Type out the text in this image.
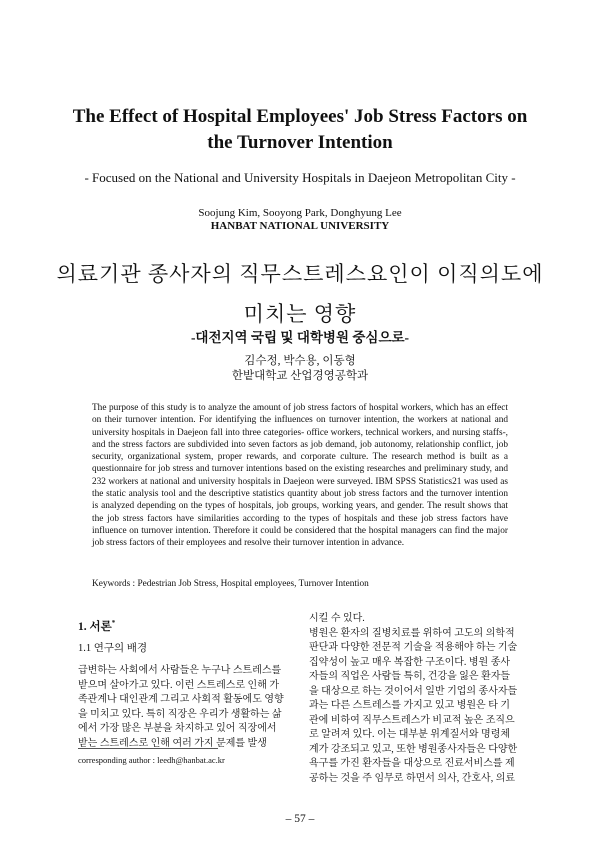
The Effect of Hospital Employees' Job Stress Factors on
the Turnover Intention
- Focused on the National and University Hospitals in Daejeon Metropolitan City -
Soojung Kim, Sooyong Park, Donghyung Lee
HANBAT NATIONAL UNIVERSITY
의료기관 종사자의 직무스트레스요인이 이직의도에
미치는 영향
-대전지역 국립 및 대학병원 중심으로-
김수정, 박수용, 이동형
한밭대학교 산업경영공학과
The purpose of this study is to analyze the amount of job stress factors of hospital workers, which has an effect on their turnover intention. For identifying the influences on turnover intention, the workers at national and university hospitals in Daejeon fall into three categories- office workers, technical workers, and nursing staffs-, and the stress factors are subdivided into seven factors as job demand, job autonomy, relationship conflict, job security, organizational system, proper rewards, and corporate culture. The research method is built as a questionnaire for job stress and turnover intentions based on the existing researches and preliminary study, and 232 workers at national and university hospitals in Daejeon were surveyed. IBM SPSS Statistics21 was used as the static analysis tool and the descriptive statistics quantity about job stress factors and the turnover intention is analyzed depending on the types of hospitals, job groups, working years, and gender. The result shows that the job stress factors have similarities according to the types of hospitals and these job stress factors have influence on turnover intention. Therefore it could be considered that the hospital managers can find the major job stress factors of their employees and resolve their turnover intention in advance.
Keywords : Pedestrian Job Stress, Hospital employees, Turnover Intention
1. 서론*
1.1 연구의 배경
급변하는 사회에서 사람들은 누구나 스트레스를
받으며 살아가고 있다. 이런 스트레스로 인해 가
족관계나 대인관계 그리고 사회적 활동에도 영향
을 미치고 있다. 특히 직장은 우리가 생활하는 삶
에서 가장 많은 부분을 차지하고 있어 직장에서
받는 스트레스로 인해 여러 가지 문제를 발생
시킬 수 있다.
병원은 환자의 질병치료를 위하여 고도의 의학적
판단과 다양한 전문적 기술을 적용해야 하는 기술
집약성이 높고 매우 복잡한 구조이다. 병원 종사
자들의 직업은 사람들 특히, 건강을 잃은 환자들
을 대상으로 하는 것이어서 일반 기업의 종사자들
과는 다른 스트레스를 가지고 있고 병원은 타 기
관에 비하여 직무스트레스가 비교적 높은 조직으
로 알려져 있다. 이는 대부분 위계질서와 명령체
계가 강조되고 있고, 또한 병원종사자들은 다양한
욕구를 가진 환자들을 대상으로 진료서비스를 제
공하는 것을 주 임무로 하면서 의사, 간호사, 의료
corresponding author : leedh@hanbat.ac.kr
– 57 –
